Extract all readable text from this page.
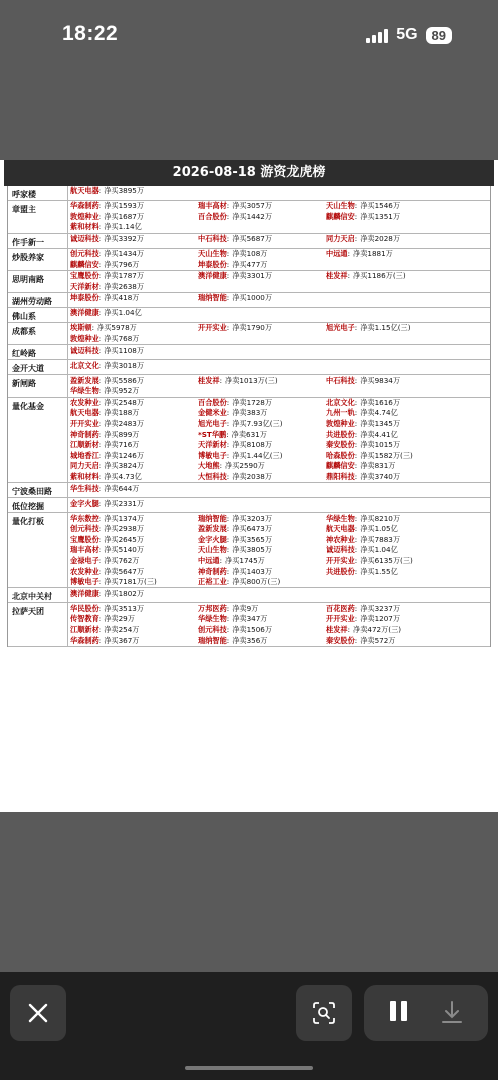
18:22	5G	89
2026-08-18 游资龙虎榜
呼家楼	航天电器: 净买3895万
章盟主	华森制药: 净买1593万	瑞丰高材: 净买3057万	天山生物: 净买1546万
敦煌种业: 净买1687万	百合股份: 净买1442万	麒麟信安: 净买1351万
紫和材料: 净买1.14亿
作手新一	诚迈科技: 净买3392万	中石科技: 净买5687万	同力天启: 净卖2028万
炒股养家	创元科技: 净买1434万	天山生物: 净卖108万	中远通: 净卖1881万
麒麟信安: 净买796万	坤泰股份: 净买477万
思明南路	宝鹰股份: 净卖1787万	澳洋健康: 净卖3301万	桂发祥: 净买1186万(三)
天洋新材: 净卖2638万
湖州劳动路	坤泰股份: 净买418万	瑞纳智能: 净买1000万
佛山系	澳洋健康: 净买1.04亿
成都系	埃斯顿: 净买5978万	开开实业: 净卖1790万	旭光电子: 净卖1.15亿(三)
敦煌种业: 净买768万
红岭路	诚迈科技: 净买1108万
金开大道	北京文化: 净卖3018万
新闸路	盈新发展: 净买5586万	桂发祥: 净卖1013万(三)	中石科技: 净买9834万
华绿生物: 净买952万
量化基金	农发种业: 净买2548万	百合股份: 净卖1728万	北京文化: 净卖1616万
航天电器: 净卖188万	金健米业: 净卖383万	九州一轨: 净卖4.74亿
开开实业: 净卖2483万	旭光电子: 净买7.93亿(三)	敦煌种业: 净卖1345万
神奇制药: 净买899万	*ST华鹏: 净卖631万	共进股份: 净卖4.41亿
江顺新材: 净卖716万	天洋新材: 净买8108万	秦安股份: 净卖1015万
城地香江: 净卖1246万	博敏电子: 净买1.44亿(三)	哈森股份: 净买1582万(三)
同力天启: 净买3824万	大地熊: 净买2590万	麒麟信安: 净卖831万
紫和材料: 净买4.73亿	大恒科技: 净卖2038万	鼎阳科技: 净卖3740万
宁波桑田路	华生科技: 净卖644万
低位挖掘	金字火腿: 净买2331万
量化打板	华东数控: 净买1374万	瑞纳智能: 净买3203万	华绿生物: 净买8210万
创元科技: 净买2938万	盈新发展: 净买6473万	航天电器: 净买1.05亿
宝鹰股份: 净买2645万	金字火腿: 净买3565万	神农种业: 净买7883万
瑞丰高材: 净买5140万	天山生物: 净买3805万	诚迈科技: 净买1.04亿
金禄电子: 净买762万	中远通: 净买1745万	开开实业: 净买6135万(三)
农发种业: 净卖5647万	神奇制药: 净买1403万	共进股份: 净买1.55亿
博敏电子: 净买7181万(三)	正裕工业: 净买800万(三)
北京中关村	澳洋健康: 净买1802万
拉萨天团	华民股份: 净买3513万	万邦医药: 净卖9万	百花医药: 净买3237万
传智教育: 净卖29万	华绿生物: 净卖347万	开开实业: 净卖1207万
江顺新材: 净卖254万	创元科技: 净卖1506万	桂发祥: 净卖472万(三)
华森制药: 净买367万	瑞纳智能: 净卖356万	秦安股份: 净卖572万
